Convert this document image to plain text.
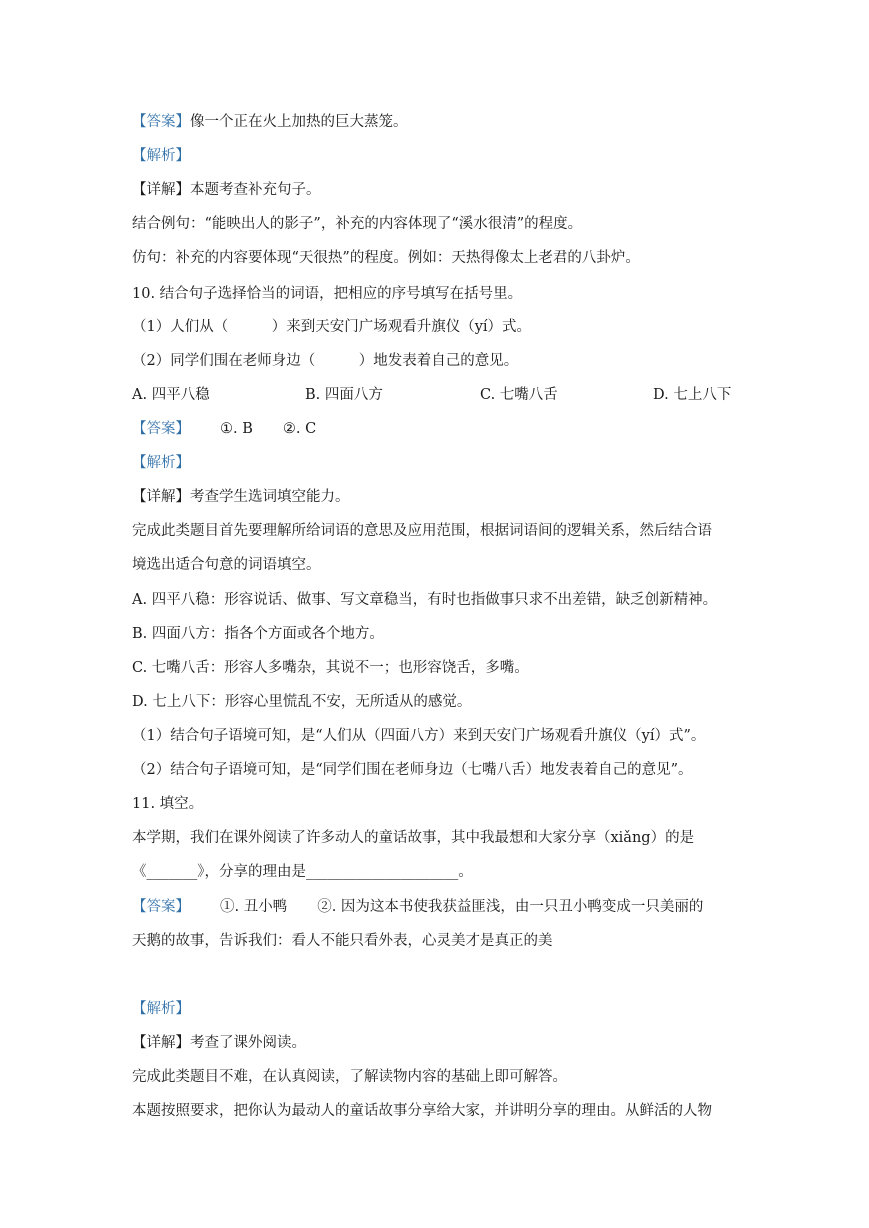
【答案】像一个正在火上加热的巨大蒸笼。
【解析】
【详解】本题考查补充句子。
结合例句：“能映出人的影子”，补充的内容体现了“溪水很清”的程度。
仿句：补充的内容要体现“天很热”的程度。例如：天热得像太上老君的八卦炉。
10. 结合句子选择恰当的词语，把相应的序号填写在括号里。
（1）人们从（　　　）来到天安门广场观看升旗仪（yí）式。
（2）同学们围在老师身边（　　　）地发表着自己的意见。
A. 四平八稳	B. 四面八方	C. 七嘴八舌	D. 七上八下
【答案】 ①. B ②. C
【解析】
【详解】考查学生选词填空能力。
完成此类题目首先要理解所给词语的意思及应用范围，根据词语间的逻辑关系，然后结合语
境选出适合句意的词语填空。
A. 四平八稳：形容说话、做事、写文章稳当，有时也指做事只求不出差错，缺乏创新精神。
B. 四面八方：指各个方面或各个地方。
C. 七嘴八舌：形容人多嘴杂，其说不一；也形容饶舌，多嘴。
D. 七上八下：形容心里慌乱不安，无所适从的感觉。
（1）结合句子语境可知，是“人们从（四面八方）来到天安门广场观看升旗仪（yí）式”。
（2）结合句子语境可知，是“同学们围在老师身边（七嘴八舌）地发表着自己的意见”。
11. 填空。
本学期，我们在课外阅读了许多动人的童话故事，其中我最想和大家分享（xiǎng）的是
《_______》，分享的理由是_____________________。
【答案】 ①. 丑小鸭 ②. 因为这本书使我获益匪浅，由一只丑小鸭变成一只美丽的
天鹅的故事，告诉我们：看人不能只看外表，心灵美才是真正的美
【解析】
【详解】考查了课外阅读。
完成此类题目不难，在认真阅读，了解读物内容的基础上即可解答。
本题按照要求，把你认为最动人的童话故事分享给大家，并讲明分享的理由。从鲜活的人物
